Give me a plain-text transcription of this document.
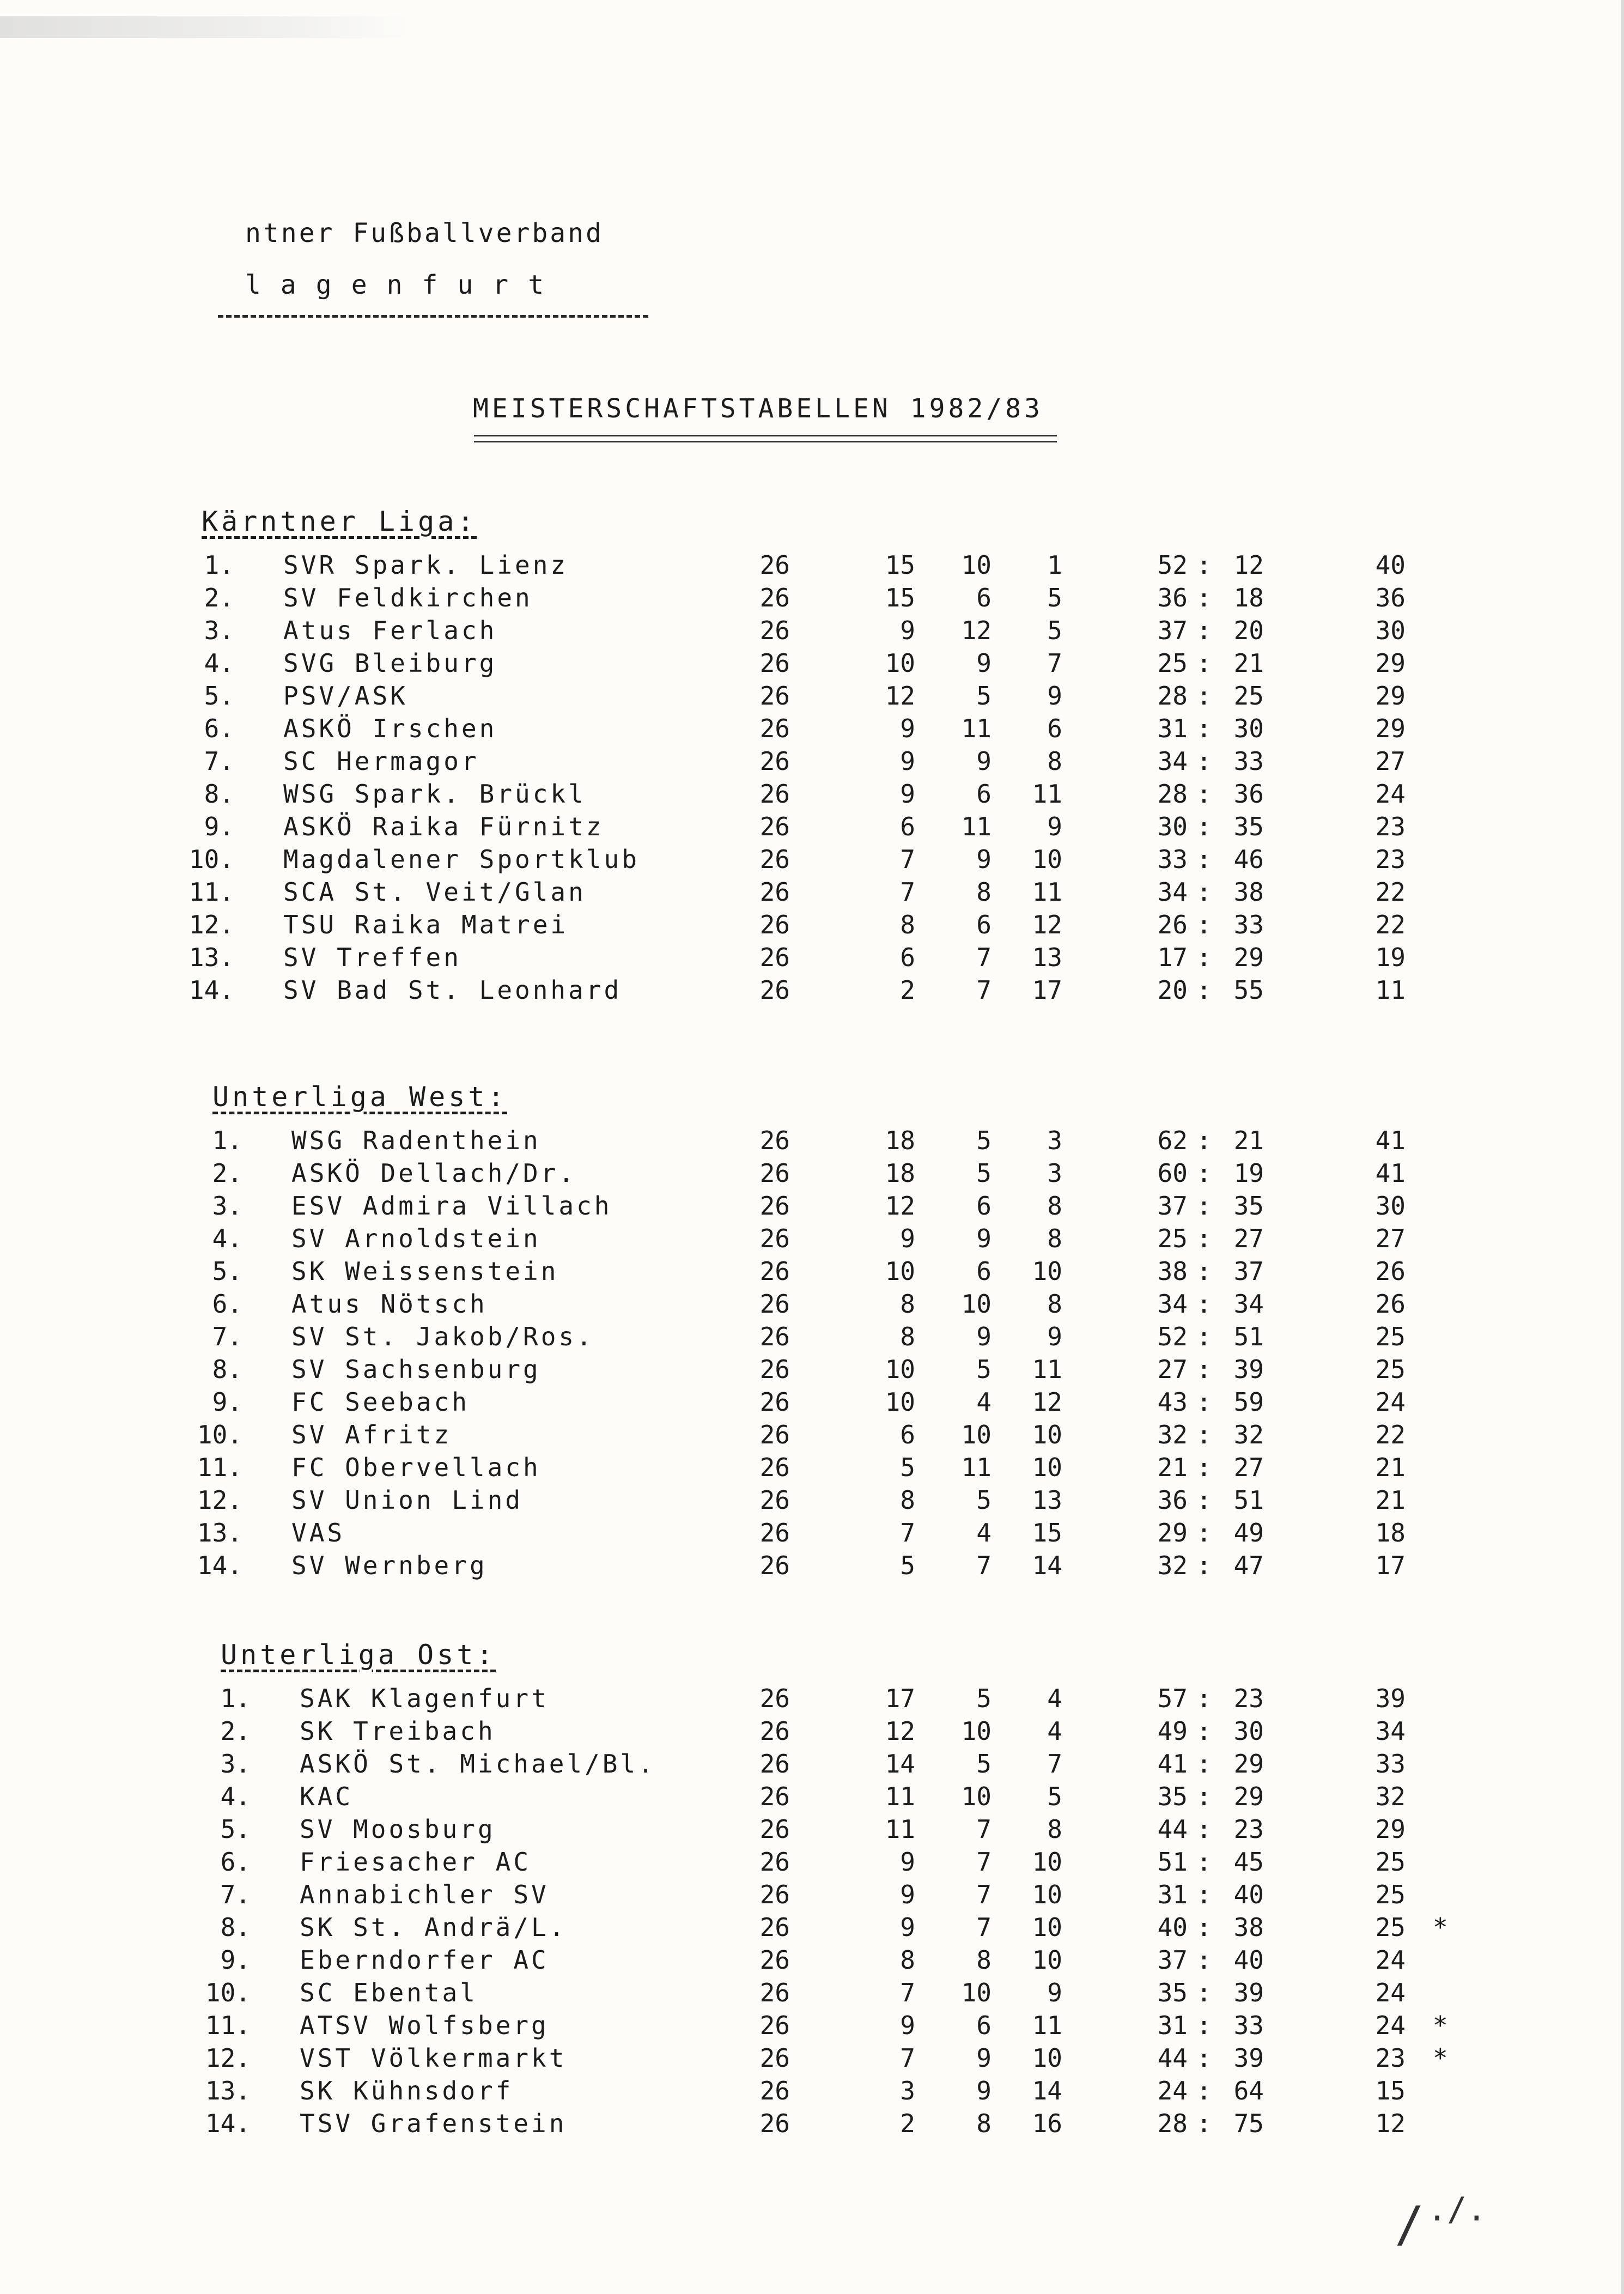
ntner Fußballverband
lagenfurt
MEISTERSCHAFTSTABELLEN 1982/83
Kärntner Liga:
1. SVR Spark. Lienz	26	15	10	1	52 : 12	40
2. SV Feldkirchen	26	15	6	5	36 : 18	36
3. Atus Ferlach	26	9	12	5	37 : 20	30
4. SVG Bleiburg	26	10	9	7	25 : 21	29
5. PSV/ASK	26	12	5	9	28 : 25	29
6. ASKÖ Irschen	26	9	11	6	31 : 30	29
7. SC Hermagor	26	9	9	8	34 : 33	27
8. WSG Spark. Brückl	26	9	6	11	28 : 36	24
9. ASKÖ Raika Fürnitz	26	6	11	9	30 : 35	23
10. Magdalener Sportklub	26	7	9	10	33 : 46	23
11. SCA St. Veit/Glan	26	7	8	11	34 : 38	22
12. TSU Raika Matrei	26	8	6	12	26 : 33	22
13. SV Treffen	26	6	7	13	17 : 29	19
14. SV Bad St. Leonhard	26	2	7	17	20 : 55	11
Unterliga West:
1. WSG Radenthein	26	18	5	3	62 : 21	41
2. ASKÖ Dellach/Dr.	26	18	5	3	60 : 19	41
3. ESV Admira Villach	26	12	6	8	37 : 35	30
4. SV Arnoldstein	26	9	9	8	25 : 27	27
5. SK Weissenstein	26	10	6	10	38 : 37	26
6. Atus Nötsch	26	8	10	8	34 : 34	26
7. SV St. Jakob/Ros.	26	8	9	9	52 : 51	25
8. SV Sachsenburg	26	10	5	11	27 : 39	25
9. FC Seebach	26	10	4	12	43 : 59	24
10. SV Afritz	26	6	10	10	32 : 32	22
11. FC Obervellach	26	5	11	10	21 : 27	21
12. SV Union Lind	26	8	5	13	36 : 51	21
13. VAS	26	7	4	15	29 : 49	18
14. SV Wernberg	26	5	7	14	32 : 47	17
Unterliga Ost:
1. SAK Klagenfurt	26	17	5	4	57 : 23	39
2. SK Treibach	26	12	10	4	49 : 30	34
3. ASKÖ St. Michael/Bl.	26	14	5	7	41 : 29	33
4. KAC	26	11	10	5	35 : 29	32
5. SV Moosburg	26	11	7	8	44 : 23	29
6. Friesacher AC	26	9	7	10	51 : 45	25
7. Annabichler SV	26	9	7	10	31 : 40	25
8. SK St. Andrä/L.	26	9	7	10	40 : 38	25 *
9. Eberndorfer AC	26	8	8	10	37 : 40	24
10. SC Ebental	26	7	10	9	35 : 39	24
11. ATSV Wolfsberg	26	9	6	11	31 : 33	24 *
12. VST Völkermarkt	26	7	9	10	44 : 39	23 *
13. SK Kühnsdorf	26	3	9	14	24 : 64	15
14. TSV Grafenstein	26	2	8	16	28 : 75	12
./.
/
